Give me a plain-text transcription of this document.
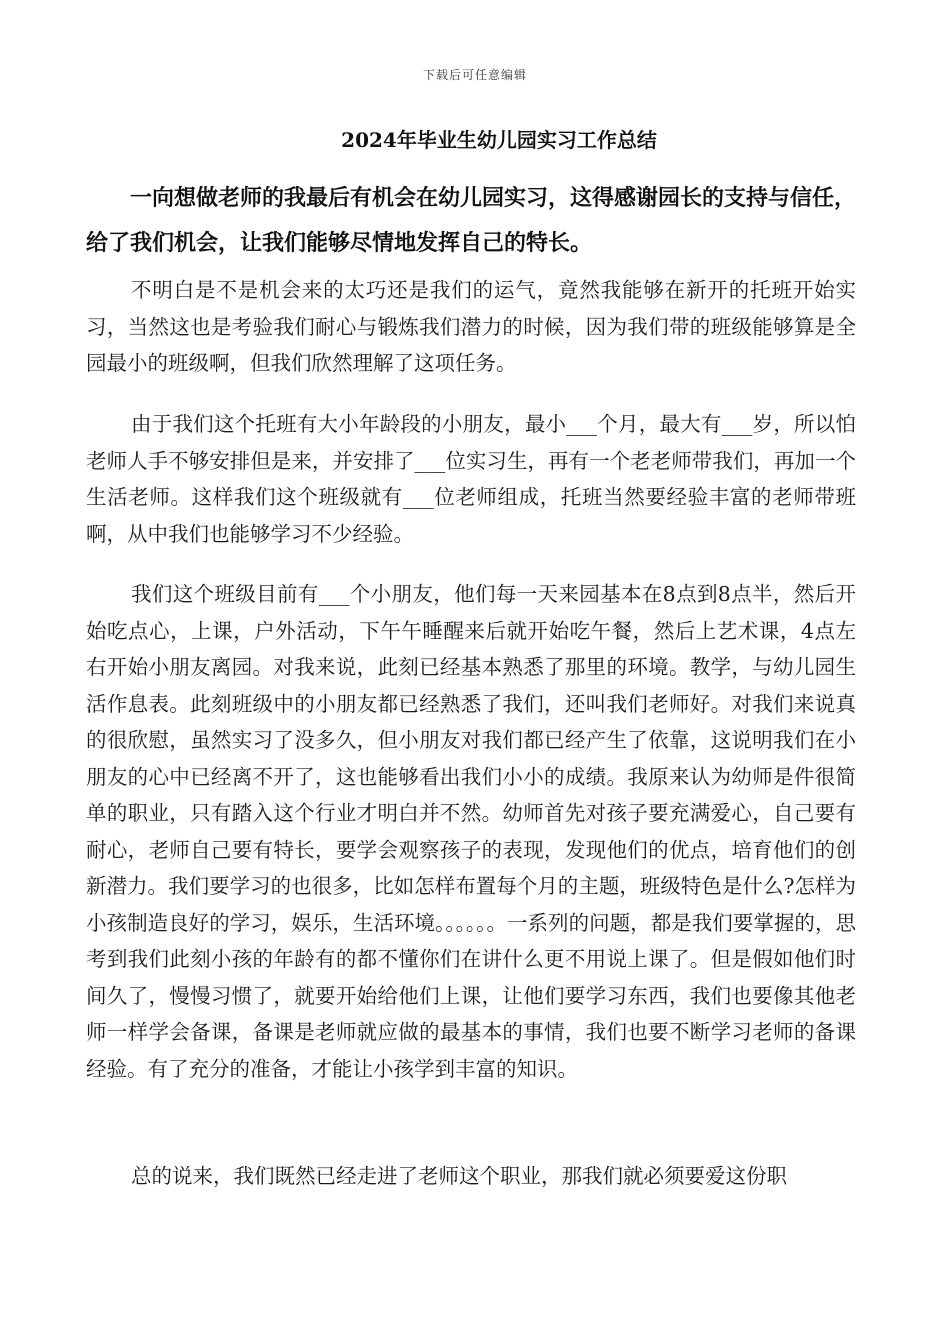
下载后可任意编辑
2024年毕业生幼儿园实习工作总结
一向想做老师的我最后有机会在幼儿园实习，这得感谢园长的支持与信任，给了我们机会，让我们能够尽情地发挥自己的特长。
不明白是不是机会来的太巧还是我们的运气，竟然我能够在新开的托班开始实习，当然这也是考验我们耐心与锻炼我们潜力的时候，因为我们带的班级能够算是全园最小的班级啊，但我们欣然理解了这项任务。
由于我们这个托班有大小年龄段的小朋友，最小___个月，最大有___岁，所以怕老师人手不够安排但是来，并安排了___位实习生，再有一个老老师带我们，再加一个生活老师。这样我们这个班级就有___位老师组成，托班当然要经验丰富的老师带班啊，从中我们也能够学习不少经验。
我们这个班级目前有___个小朋友，他们每一天来园基本在8点到8点半，然后开始吃点心，上课，户外活动，下午午睡醒来后就开始吃午餐，然后上艺术课，4点左右开始小朋友离园。对我来说，此刻已经基本熟悉了那里的环境。教学，与幼儿园生活作息表。此刻班级中的小朋友都已经熟悉了我们，还叫我们老师好。对我们来说真的很欣慰，虽然实习了没多久，但小朋友对我们都已经产生了依靠，这说明我们在小朋友的心中已经离不开了，这也能够看出我们小小的成绩。我原来认为幼师是件很简单的职业，只有踏入这个行业才明白并不然。幼师首先对孩子要充满爱心，自己要有耐心，老师自己要有特长，要学会观察孩子的表现，发现他们的优点，培育他们的创新潜力。我们要学习的也很多，比如怎样布置每个月的主题，班级特色是什么?怎样为小孩制造良好的学习，娱乐，生活环境。。。。。。一系列的问题，都是我们要掌握的，思考到我们此刻小孩的年龄有的都不懂你们在讲什么更不用说上课了。但是假如他们时间久了，慢慢习惯了，就要开始给他们上课，让他们要学习东西，我们也要像其他老师一样学会备课，备课是老师就应做的最基本的事情，我们也要不断学习老师的备课经验。有了充分的准备，才能让小孩学到丰富的知识。
总的说来，我们既然已经走进了老师这个职业，那我们就必须要爱这份职
